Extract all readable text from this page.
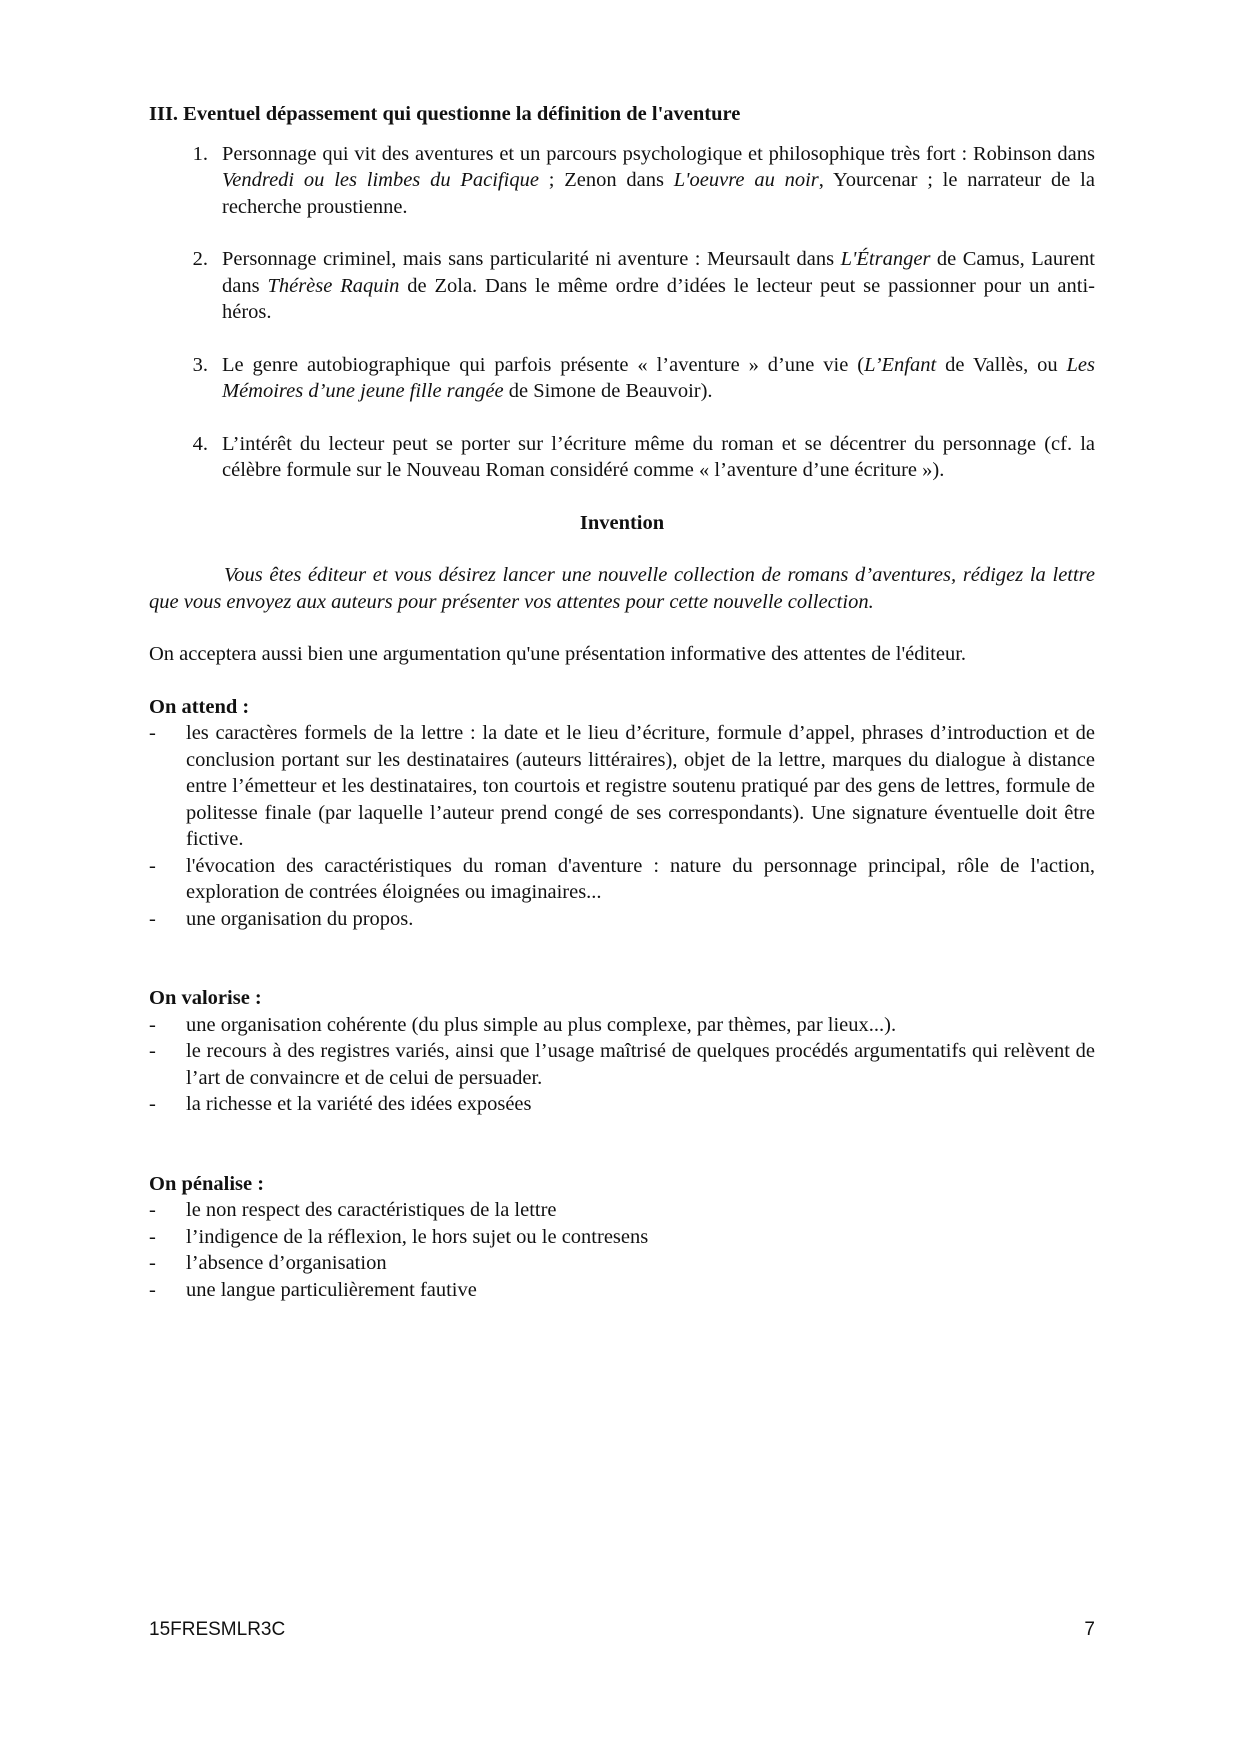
III. Eventuel dépassement qui questionne la définition de l'aventure

1. Personnage qui vit des aventures et un parcours psychologique et philosophique très fort : Robinson dans Vendredi ou les limbes du Pacifique ; Zenon dans L'oeuvre au noir, Yourcenar ; le narrateur de la recherche proustienne.
2. Personnage criminel, mais sans particularité ni aventure : Meursault dans L'Étranger de Camus, Laurent dans Thérèse Raquin de Zola. Dans le même ordre d’idées le lecteur peut se passionner pour un anti-héros.
3. Le genre autobiographique qui parfois présente « l’aventure » d’une vie (L’Enfant de Vallès, ou Les Mémoires d’une jeune fille rangée de Simone de Beauvoir).
4. L’intérêt du lecteur peut se porter sur l’écriture même du roman et se décentrer du personnage (cf. la célèbre formule sur le Nouveau Roman considéré comme « l’aventure d’une écriture »).

Invention

Vous êtes éditeur et vous désirez lancer une nouvelle collection de romans d’aventures, rédigez la lettre que vous envoyez aux auteurs pour présenter vos attentes pour cette nouvelle collection.

On acceptera aussi bien une argumentation qu'une présentation informative des attentes de l'éditeur.

On attend :

-	les caractères formels de la lettre : la date et le lieu d’écriture, formule d’appel, phrases d’introduction et de conclusion portant sur les destinataires (auteurs littéraires), objet de la lettre, marques du dialogue à distance entre l’émetteur et les destinataires, ton courtois et registre soutenu pratiqué par des gens de lettres, formule de politesse finale (par laquelle l’auteur prend congé de ses correspondants). Une signature éventuelle doit être fictive.
-	l'évocation des caractéristiques du roman d'aventure : nature du personnage principal, rôle de l'action, exploration de contrées éloignées ou imaginaires...
-	une organisation du propos.

On valorise :

-	une organisation cohérente (du plus simple au plus complexe, par thèmes, par lieux...).
-	le recours à des registres variés, ainsi que l’usage maîtrisé de quelques procédés argumentatifs qui relèvent de l’art de convaincre et de celui de persuader.
-	la richesse et la variété des idées exposées

On pénalise :

-	le non respect des caractéristiques de la lettre
-	l’indigence de la réflexion, le hors sujet ou le contresens
-	l’absence d’organisation
-	une langue particulièrement fautive
15FRESMLR3C	7
